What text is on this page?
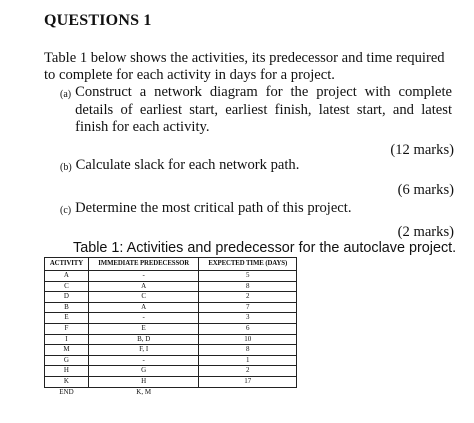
QUESTIONS 1
Table 1 below shows the activities, its predecessor and time required to complete for each activity in days for a project.
(a) Construct a network diagram for the project with complete details of earliest start, earliest finish, latest start, and latest finish for each activity.
(12 marks)
(b) Calculate slack for each network path.
(6 marks)
(c) Determine the most critical path of this project.
(2 marks)
Table 1: Activities and predecessor for the autoclave project.
ACTIVITY	IMMEDIATE PREDECESSOR	EXPECTED TIME (DAYS)
A	-	5
C	A	8
D	C	2
B	A	7
E	-	3
F	E	6
I	B, D	10
M	F, I	8
G	-	1
H	G	2
K	H	17
END	K, M	
